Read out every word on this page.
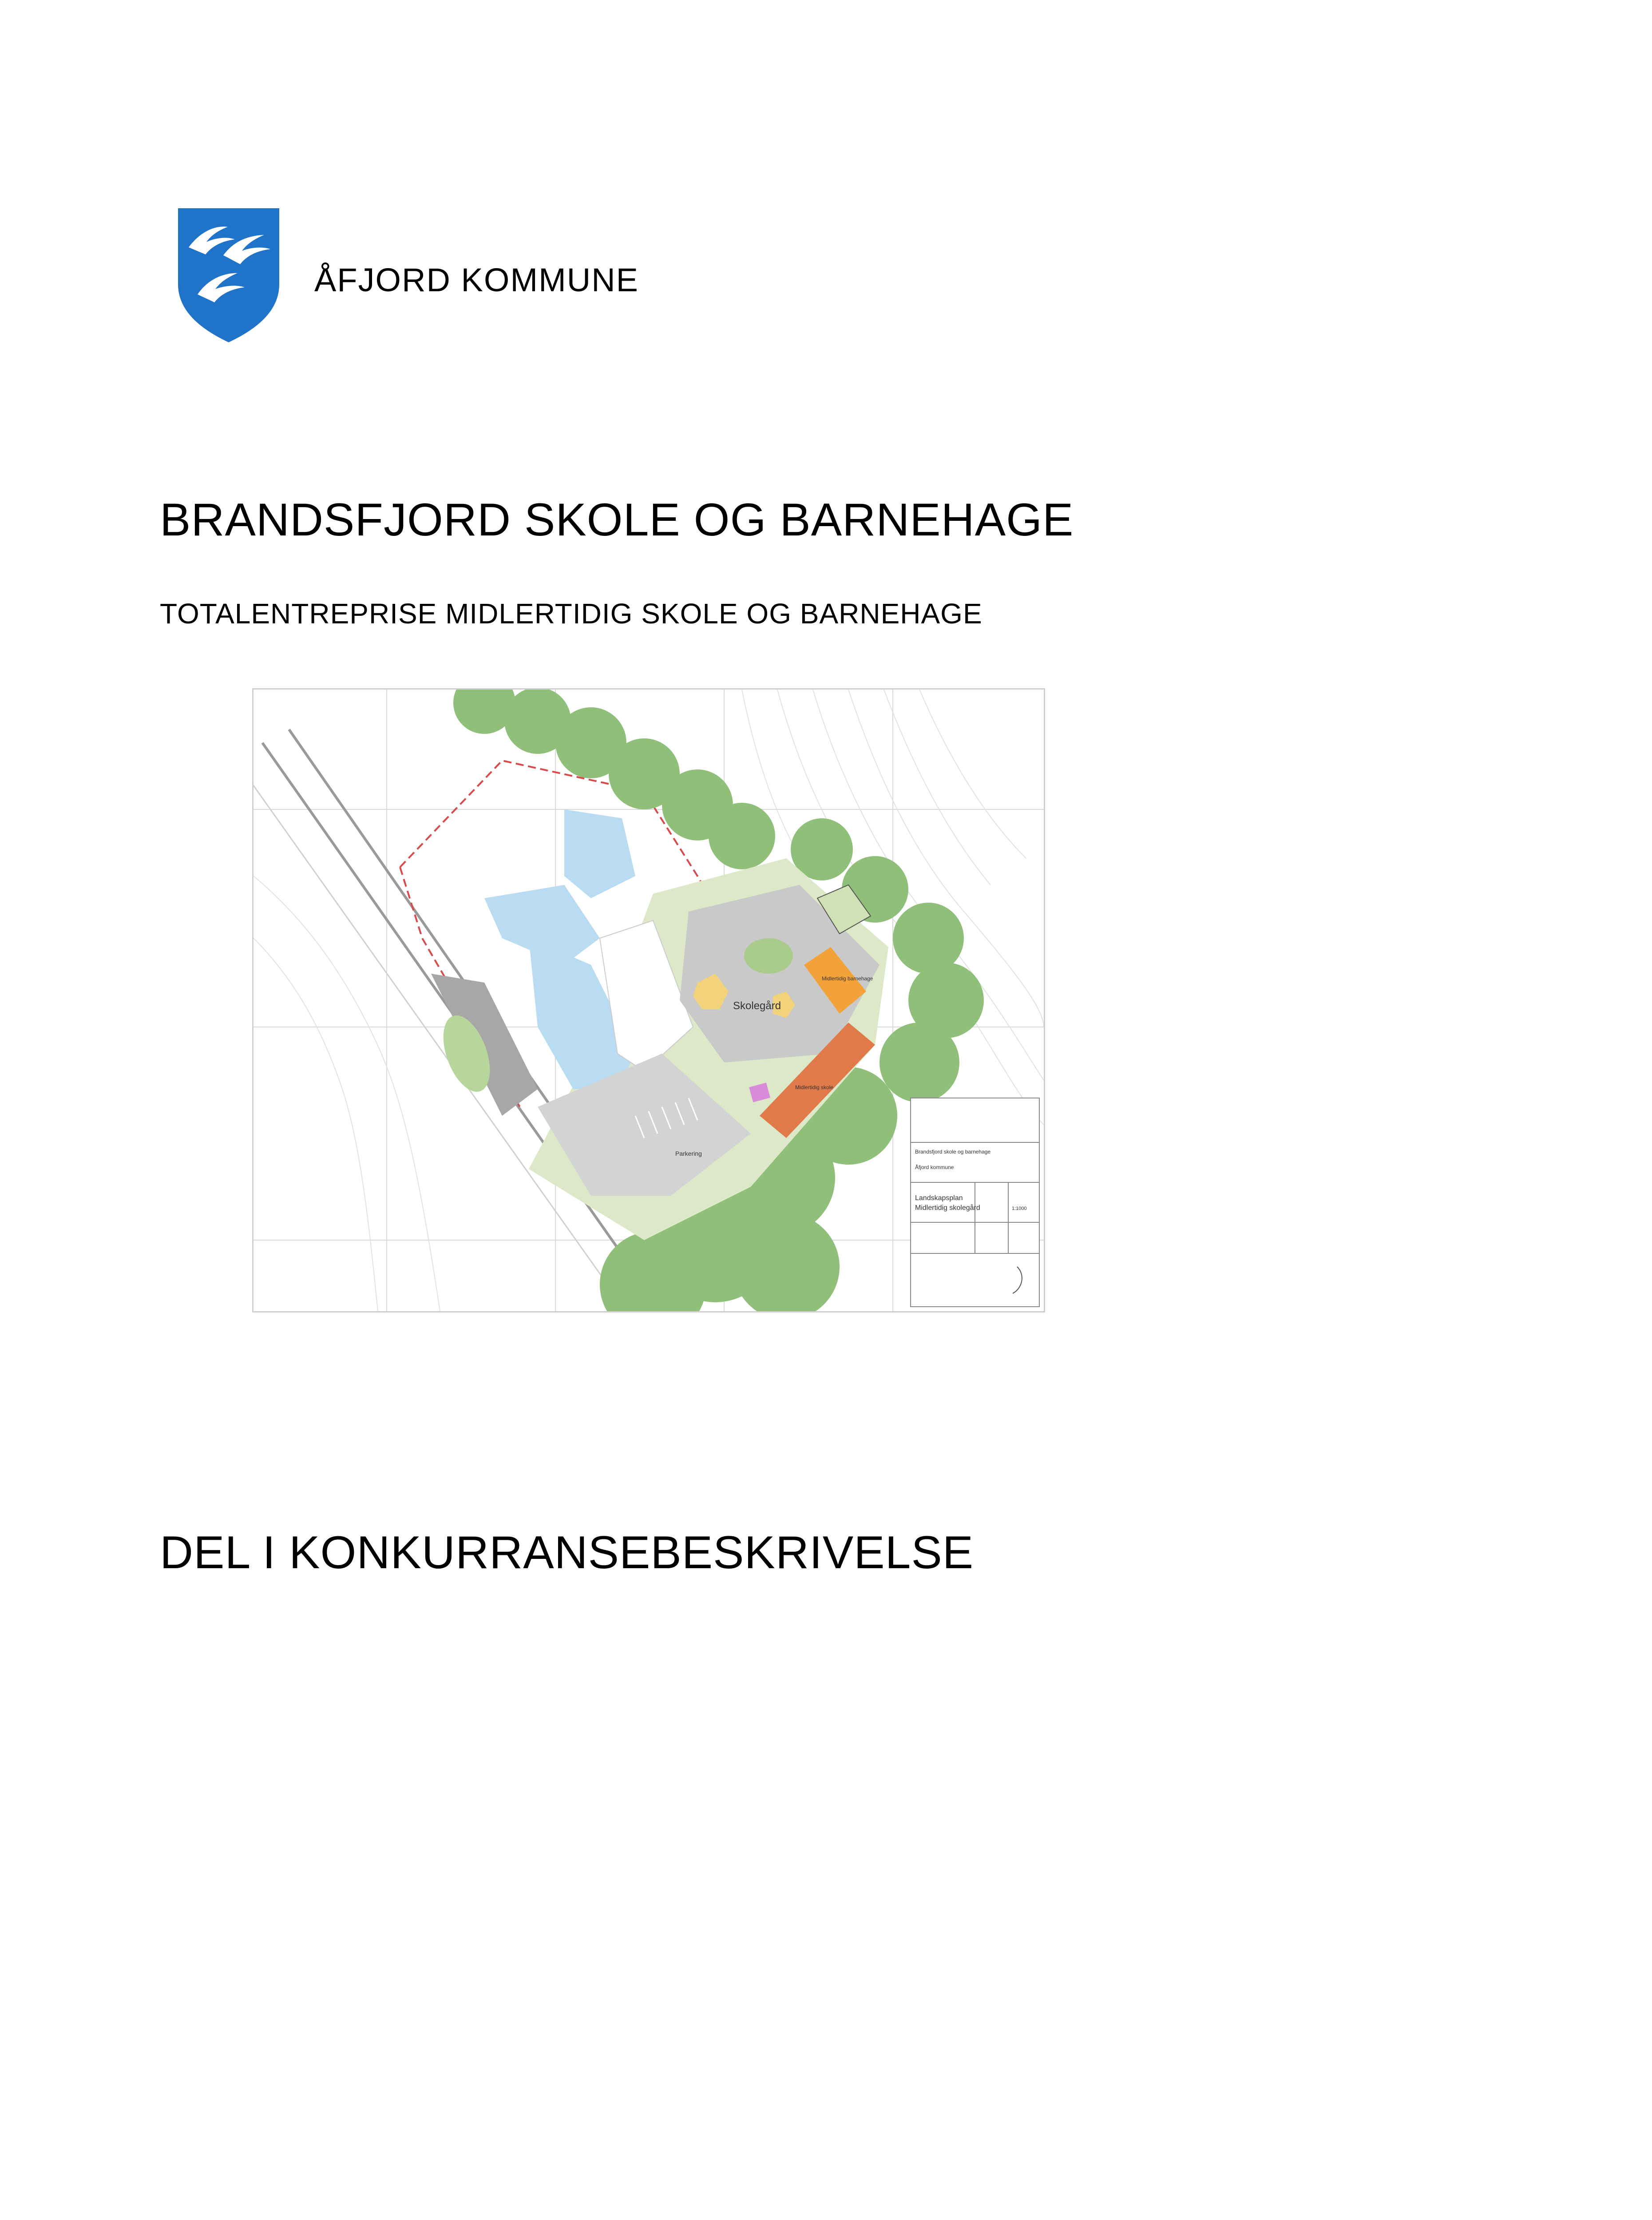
ÅFJORD KOMMUNE
BRANDSFJORD SKOLE OG BARNEHAGE
TOTALENTREPRISE MIDLERTIDIG SKOLE OG BARNEHAGE
Skolegård
Midlertidig barnehage
Midlertidig skole
Parkering	Brandsfjord skole og barnehage
Åfjord kommune
Landskapsplan
Midlertidig skolegård	1:1000
DEL I KONKURRANSEBESKRIVELSE
